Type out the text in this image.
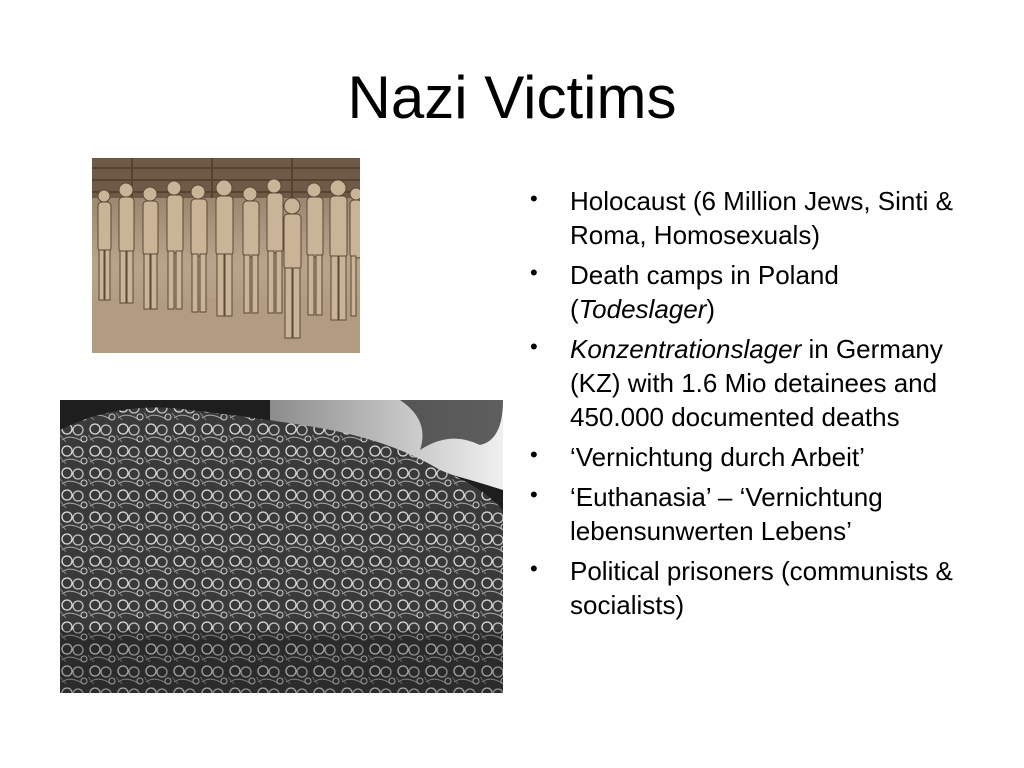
Nazi Victims
•	Holocaust (6 Million Jews, Sinti & Roma, Homosexuals)
•	Death camps in Poland (Todeslager)
•	Konzentrationslager in Germany (KZ) with 1.6 Mio detainees and 450.000 documented deaths
•	‘Vernichtung durch Arbeit’
•	‘Euthanasia’ – ‘Vernichtung lebensunwerten Lebens’
•	Political prisoners (communists & socialists)
